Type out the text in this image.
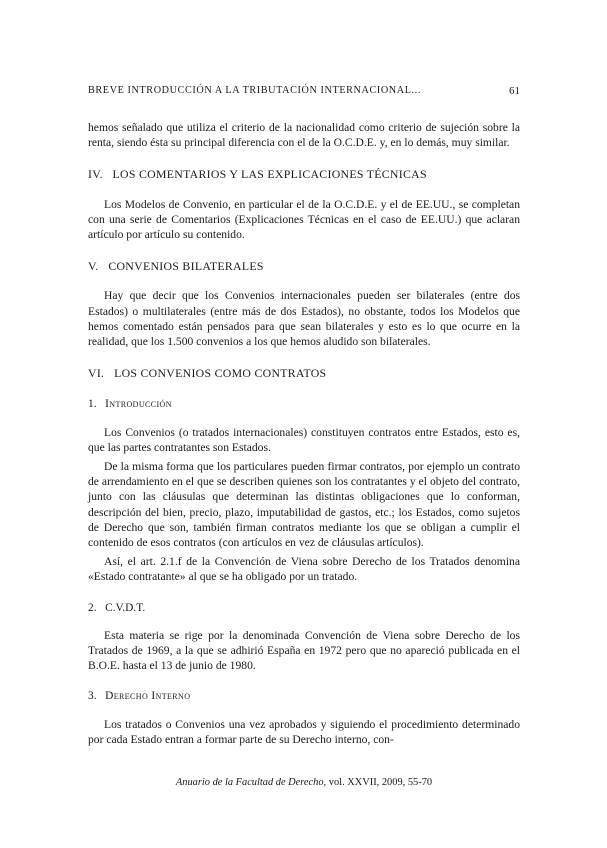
BREVE INTRODUCCIÓN A LA TRIBUTACIÓN INTERNACIONAL...	61

hemos señalado que utiliza el criterio de la nacionalidad como criterio de sujeción sobre la renta, siendo ésta su principal diferencia con el de la O.C.D.E. y, en lo demás, muy similar.

IV. LOS COMENTARIOS Y LAS EXPLICACIONES TÉCNICAS

Los Modelos de Convenio, en particular el de la O.C.D.E. y el de EE.UU., se completan con una serie de Comentarios (Explicaciones Técnicas en el caso de EE.UU.) que aclaran artículo por artículo su contenido.

V. CONVENIOS BILATERALES

Hay que decir que los Convenios internacionales pueden ser bilaterales (entre dos Estados) o multilaterales (entre más de dos Estados), no obstante, todos los Modelos que hemos comentado están pensados para que sean bilaterales y esto es lo que ocurre en la realidad, que los 1.500 convenios a los que hemos aludido son bilaterales.

VI. LOS CONVENIOS COMO CONTRATOS
1. Introducción

Los Convenios (o tratados internacionales) constituyen contratos entre Estados, esto es, que las partes contratantes son Estados.

De la misma forma que los particulares pueden firmar contratos, por ejemplo un contrato de arrendamiento en el que se describen quienes son los contratantes y el objeto del contrato, junto con las cláusulas que determinan las distintas obligaciones que lo conforman, descripción del bien, precio, plazo, imputabilidad de gastos, etc.; los Estados, como sujetos de Derecho que son, también firman contratos mediante los que se obligan a cumplir el contenido de esos contratos (con artículos en vez de cláusulas artículos).

Así, el art. 2.1.f de la Convención de Viena sobre Derecho de los Tratados denomina «Estado contratante» al que se ha obligado por un tratado.

2. C.V.D.T.

Esta materia se rige por la denominada Convención de Viena sobre Derecho de los Tratados de 1969, a la que se adhirió España en 1972 pero que no apareció publicada en el B.O.E. hasta el 13 de junio de 1980.

3. Derecho Interno

Los tratados o Convenios una vez aprobados y siguiendo el procedimiento determinado por cada Estado entran a formar parte de su Derecho interno, con-

Anuario de la Facultad de Derecho, vol. XXVII, 2009, 55-70
